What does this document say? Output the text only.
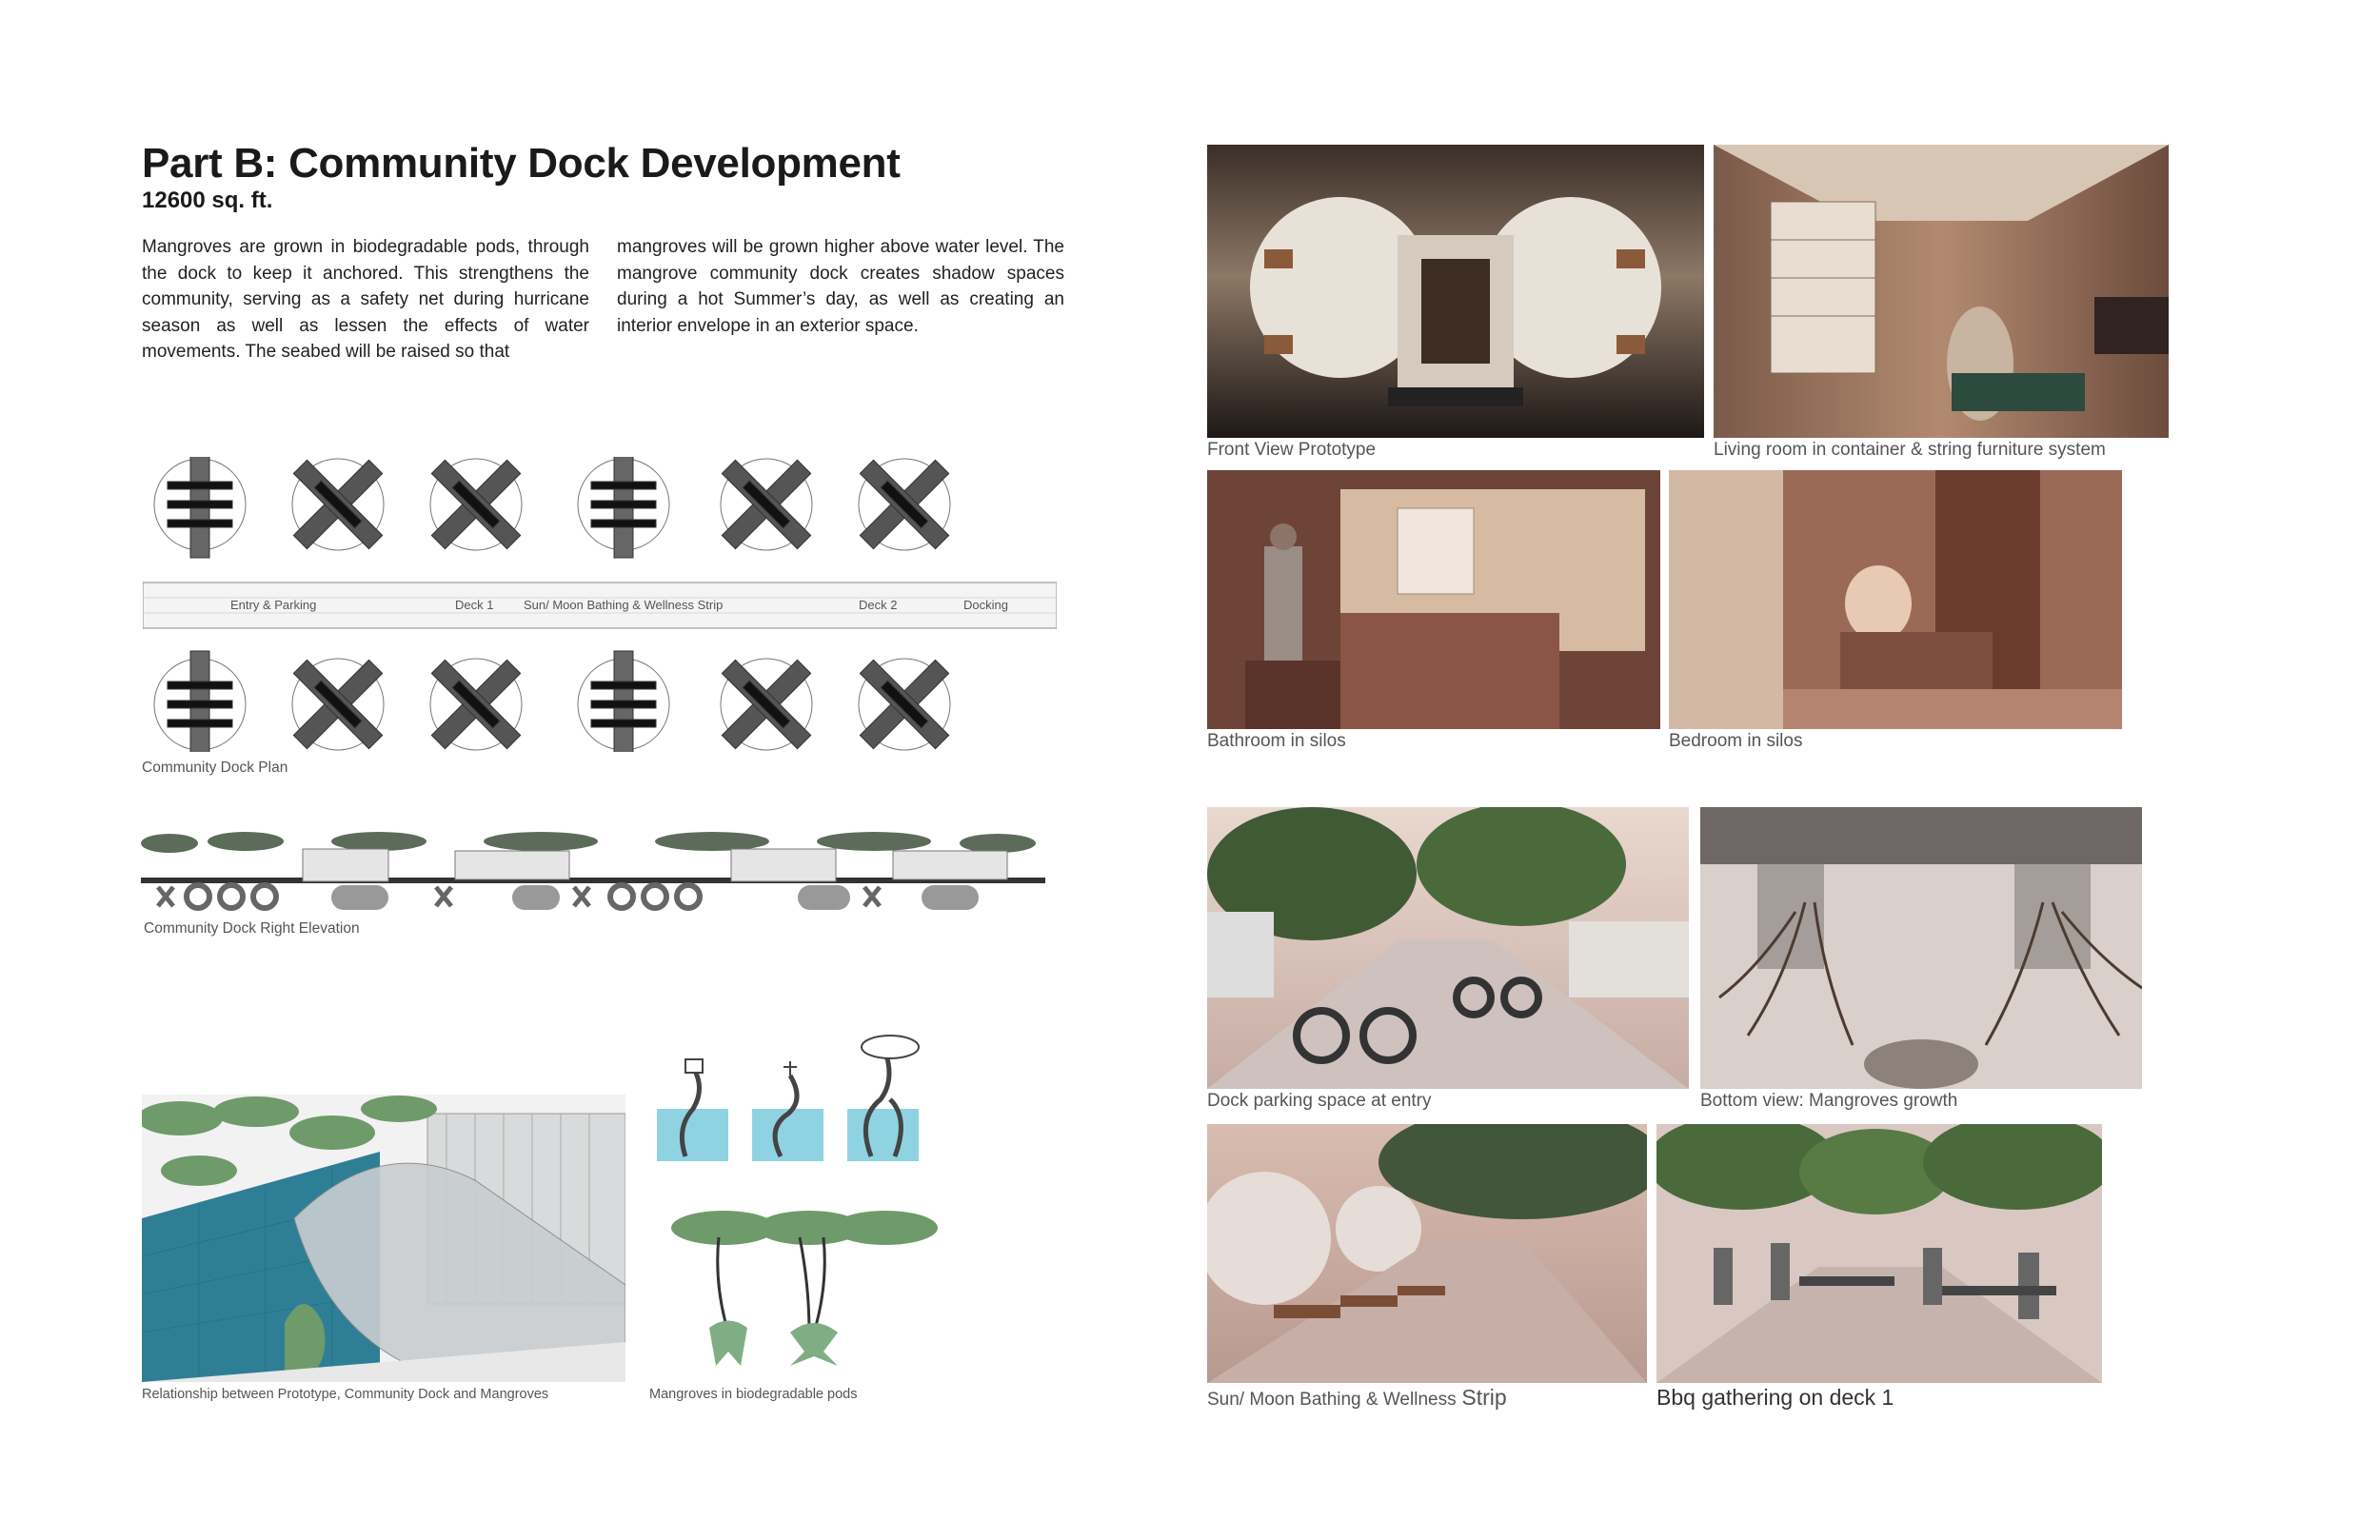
Part B: Community Dock Development
12600 sq. ft.
Mangroves are grown in biodegradable pods, through the dock to keep it anchored. This strengthens the community, serving as a safety net during hurricane season as well as lessen the effects of water movements. The seabed will be raised so that
mangroves will be grown higher above water level. The mangrove community dock creates shadow spaces during a hot Summer’s day, as well as creating an interior envelope in an exterior space.
Entry & Parking	Deck 1 Sun/ Moon Bathing & Wellness Strip	Deck 2	Docking
Community Dock Plan
Community Dock Right Elevation
Relationship between Prototype, Community Dock and Mangroves	Mangroves in biodegradable pods
Front View Prototype	Living room in container & string furniture system
Bathroom in silos	Bedroom in silos
Dock parking space at entry	Bottom view: Mangroves growth
Sun/ Moon Bathing & Wellness Strip	Bbq gathering on deck 1
